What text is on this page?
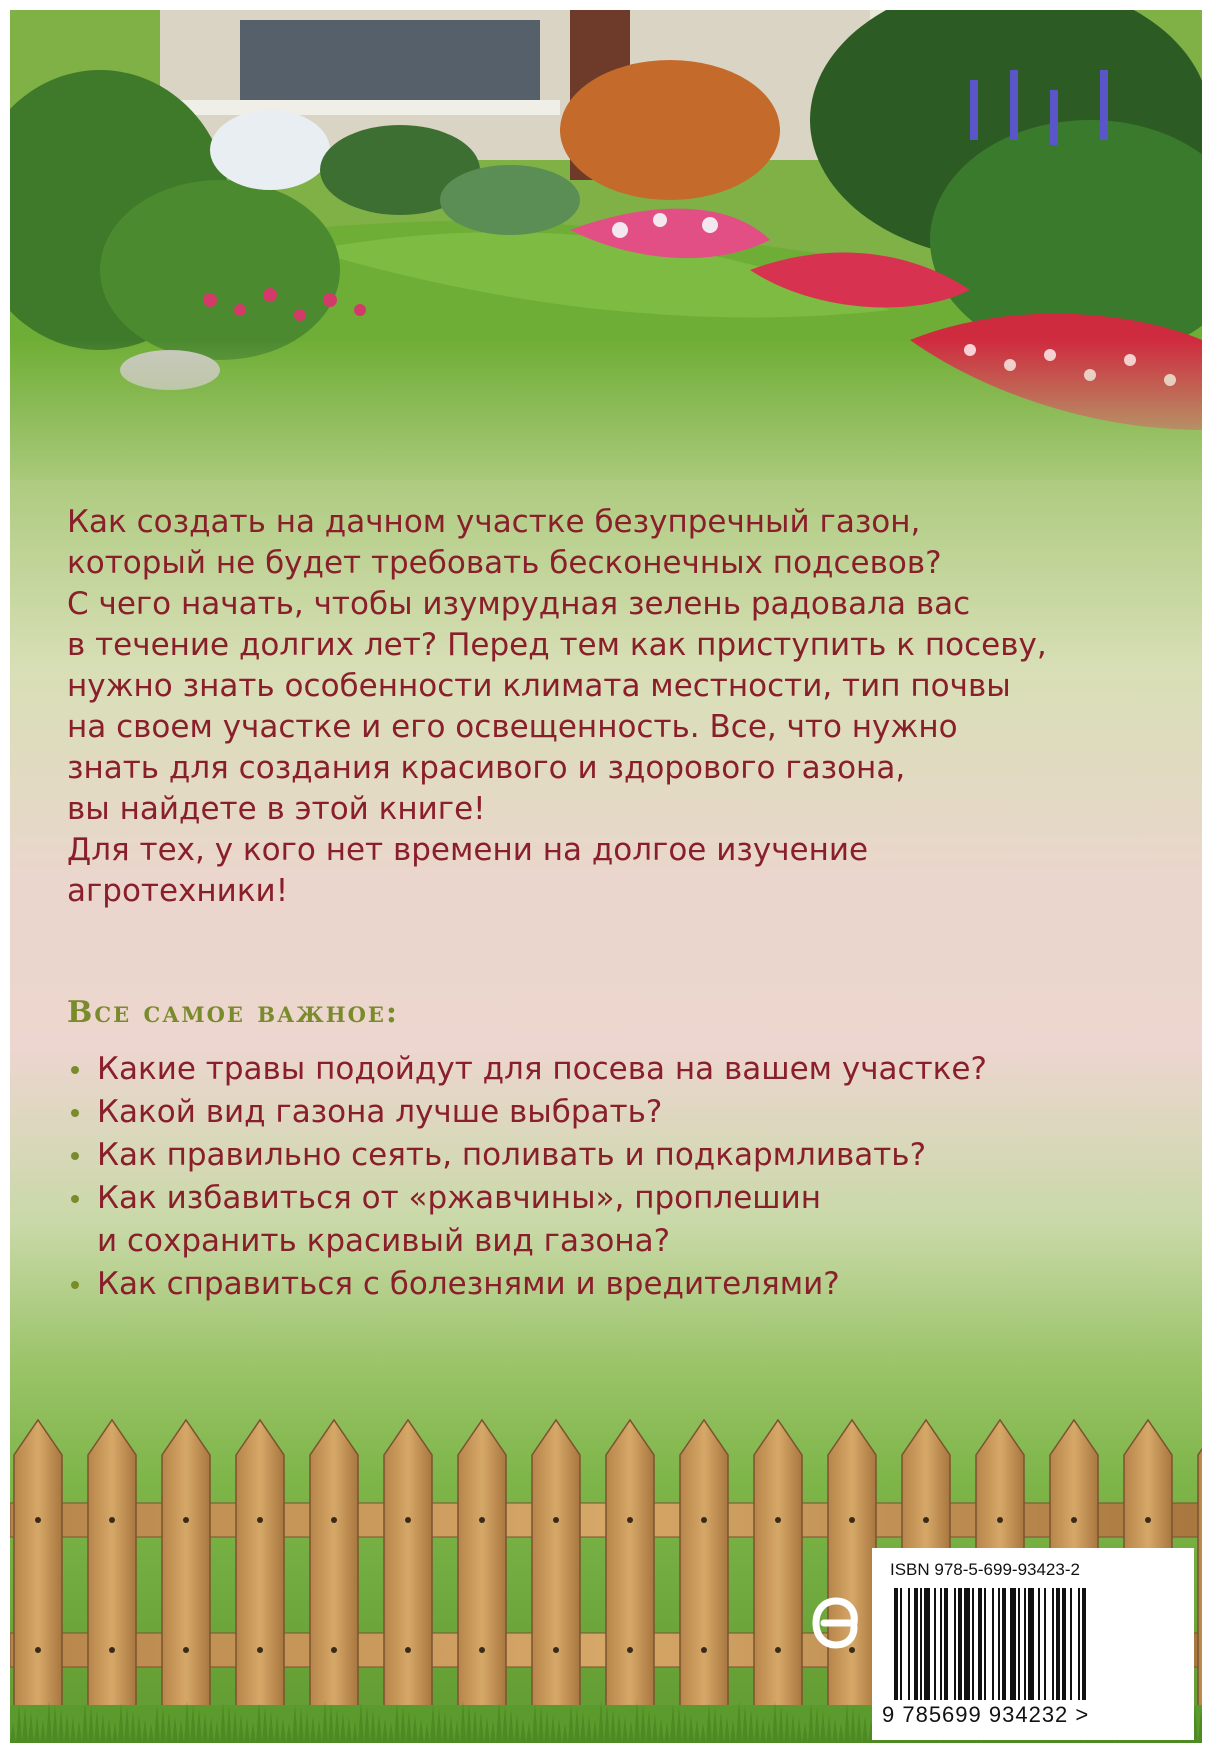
Как создать на дачном участке безупречный газон,

который не будет требовать бесконечных подсевов?

С чего начать, чтобы изумрудная зелень радовала вас

в течение долгих лет? Перед тем как приступить к посеву,

нужно знать особенности климата местности, тип почвы

на своем участке и его освещенность. Все, что нужно

знать для создания красивого и здорового газона,

вы найдете в этой книге!

Для тех, у кого нет времени на долгое изучение

агротехники!

Все самое важное:
Какие травы подойдут для посева на вашем участке?
Какой вид газона лучше выбрать?
Как правильно сеять, поливать и подкармливать?
Как избавиться от «ржавчины», проплешин
и сохранить красивый вид газона?
Как справиться с болезнями и вредителями?
ISBN 978-5-699-93423-2
9 785699 934232 >
